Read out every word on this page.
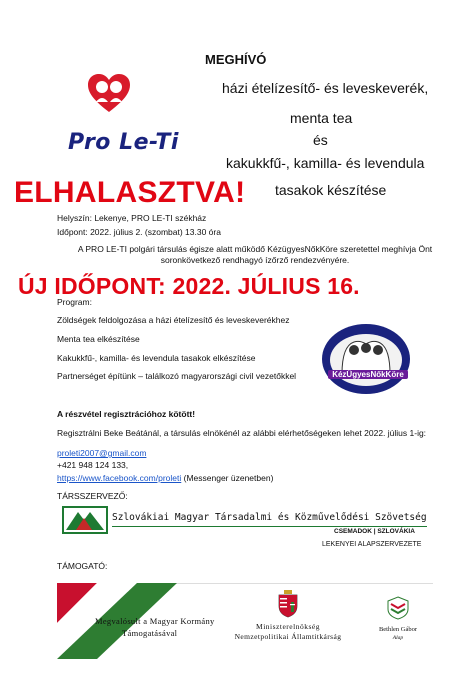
Pro Le-Ti
MEGHÍVÓ
házi ételízesítő- és leveskeverék,
menta tea
és
kakukkfű-, kamilla- és levendula
tasakok készítése
ELHALASZTVA!
Helyszín: Lekenye, PRO LE-TI székház
Időpont: 2022. július 2. (szombat) 13.30 óra
A PRO LE-TI polgári társulás égisze alatt működő KézügyesNőkKöre szeretettel meghívja Önt
soronkövetkező rendhagyó ízőrző rendezvényére.
ÚJ IDŐPONT: 2022. JÚLIUS 16.
Program:
Zöldségek feldolgozása a házi ételízesítő és leveskeverékhez
Menta tea elkészítése
Kakukkfű-, kamilla- és levendula tasakok elkészítése
Partnerséget építünk – találkozó magyarországi civil vezetőkkel	KézÜgyesNőkKöre
A részvétel regisztrációhoz kötött!
Regisztrálni Beke Beátánál, a társulás elnökénél az alábbi elérhetőségeken lehet 2022. július 1-ig:
proleti2007@gmail.com
+421 948 124 133,
https://www.facebook.com/proleti (Messenger üzenetben)
TÁRSSZERVEZŐ:
Szlovákiai Magyar Társadalmi és Közművelődési Szövetség
CSEMADOK | SZLOVÁKIA
LEKENYEI ALAPSZERVEZETE
TÁMOGATÓ:
Megvalósult a Magyar Kormány
Támogatásával
Miniszterelnökség
Nemzetpolitikai Államtitkárság
Bethlen Gábor
Alap
